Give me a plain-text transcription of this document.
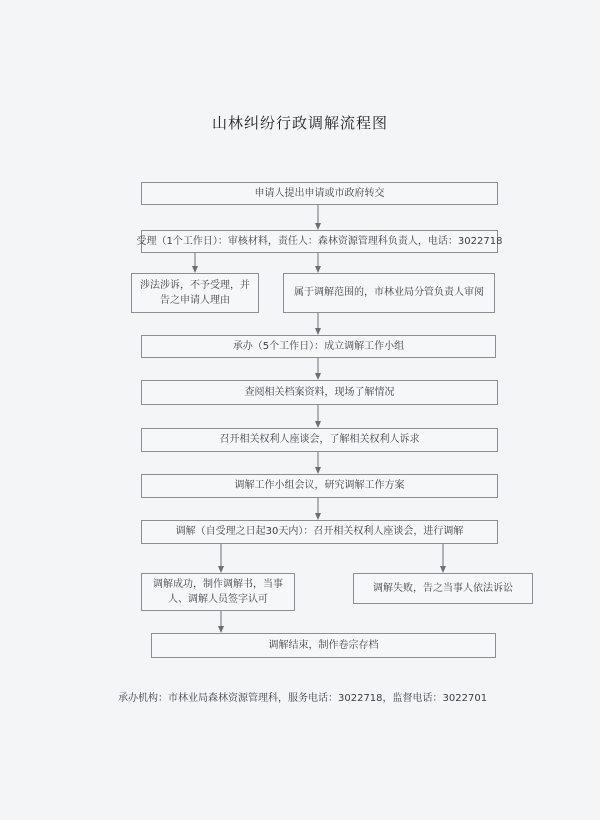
山林纠纷行政调解流程图
申请人提出申请或市政府转交
受理（1个工作日）：审核材料，责任人：森林资源管理科负责人，电话：3022718
涉法涉诉，不予受理，并告之申请人理由
属于调解范围的，市林业局分管负责人审阅
承办（5个工作日）：成立调解工作小组
查阅相关档案资料，现场了解情况
召开相关权利人座谈会，了解相关权利人诉求
调解工作小组会议，研究调解工作方案
调解（自受理之日起30天内）：召开相关权利人座谈会，进行调解
调解成功，制作调解书，当事人、调解人员签字认可
调解失败，告之当事人依法诉讼
调解结束，制作卷宗存档
承办机构：市林业局森林资源管理科，服务电话：3022718，监督电话：3022701
